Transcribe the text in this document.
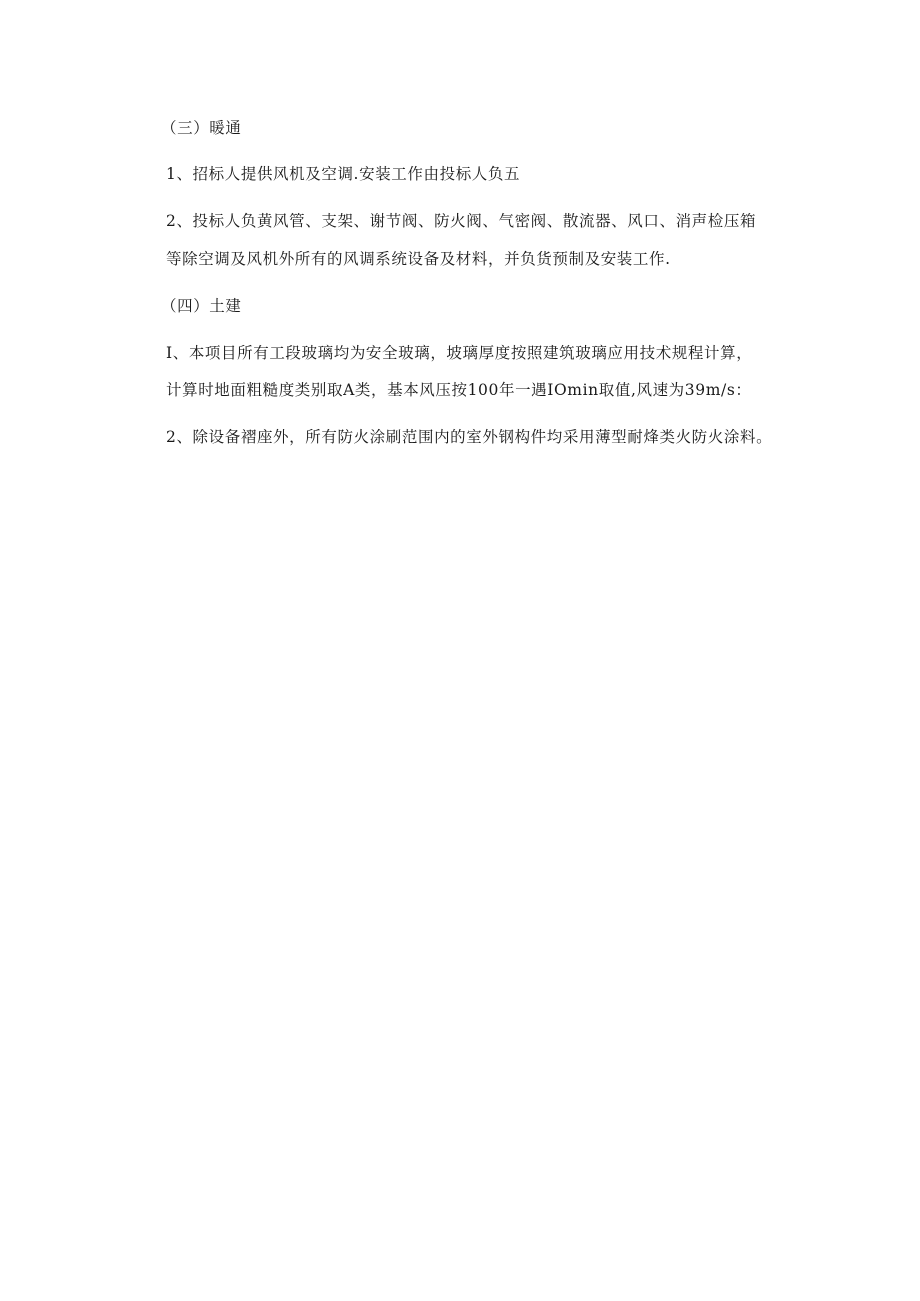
（三）暖通
1、招标人提供风机及空调.安装工作由投标人负五
2、投标人负黄风管、支架、谢节阀、防火阀、气密阀、散流器、风口、消声检压箱
等除空调及风机外所有的风调系统设备及材料，并负货预制及安装工作.
（四）土建
I、本项目所有工段玻璃均为安全玻璃，坡璃厚度按照建筑玻璃应用技术规程计算，
计算时地面粗糙度类别取A类，基本风压按100年一遇IOmin取值,风速为39m/s：
2、除设备褶座外，所有防火涂刷范围内的室外钢构件均采用薄型耐烽类火防火涂料。
